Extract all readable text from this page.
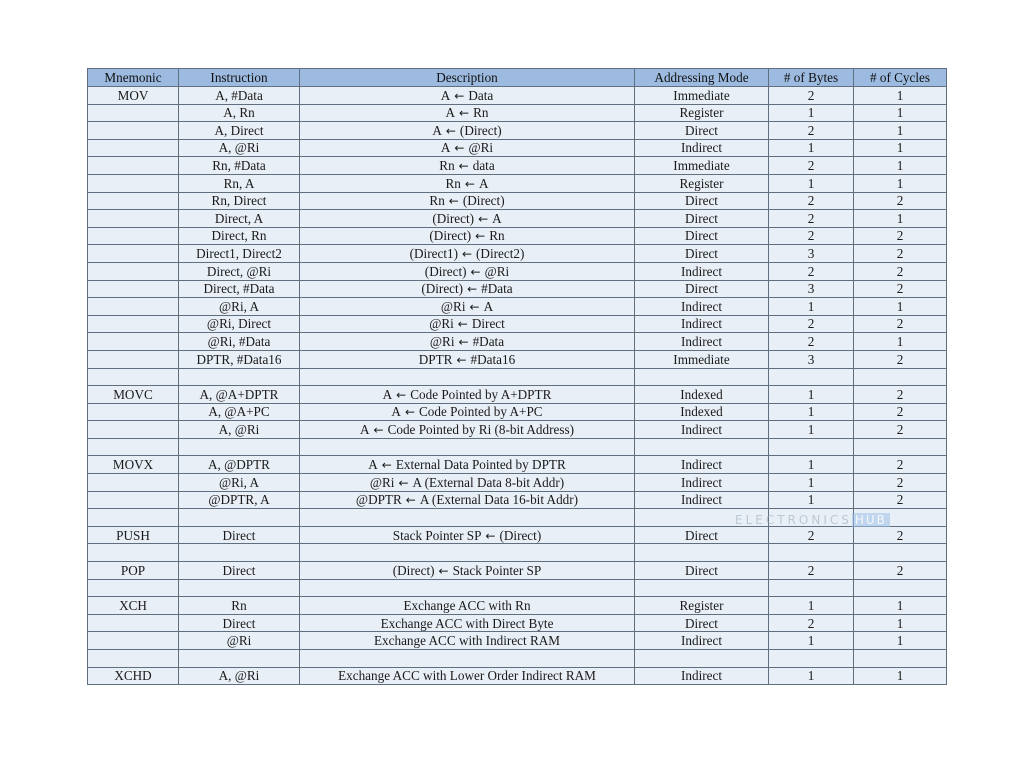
Mnemonic	Instruction	Description	Addressing Mode	# of Bytes	# of Cycles
MOV	A, #Data	A ← Data	Immediate	2	1
	A, Rn	A ← Rn	Register	1	1
	A, Direct	A ← (Direct)	Direct	2	1
	A, @Ri	A ← @Ri	Indirect	1	1
	Rn, #Data	Rn ← data	Immediate	2	1
	Rn, A	Rn ← A	Register	1	1
	Rn, Direct	Rn ← (Direct)	Direct	2	2
	Direct, A	(Direct) ← A	Direct	2	1
	Direct, Rn	(Direct) ← Rn	Direct	2	2
	Direct1, Direct2	(Direct1) ← (Direct2)	Direct	3	2
	Direct, @Ri	(Direct) ← @Ri	Indirect	2	2
	Direct, #Data	(Direct) ← #Data	Direct	3	2
	@Ri, A	@Ri ← A	Indirect	1	1
	@Ri, Direct	@Ri ← Direct	Indirect	2	2
	@Ri, #Data	@Ri ← #Data	Indirect	2	1
	DPTR, #Data16	DPTR ← #Data16	Immediate	3	2

MOVC	A, @A+DPTR	A ← Code Pointed by A+DPTR	Indexed	1	2
	A, @A+PC	A ← Code Pointed by A+PC	Indexed	1	2
	A, @Ri	A ← Code Pointed by Ri (8-bit Address)	Indirect	1	2

MOVX	A, @DPTR	A ← External Data Pointed by DPTR	Indirect	1	2
	@Ri, A	@Ri ← A (External Data 8-bit Addr)	Indirect	1	2
	@DPTR, A	@DPTR ← A (External Data 16-bit Addr)	Indirect	1	2

PUSH	Direct	Stack Pointer SP ← (Direct)	Direct	2	2

POP	Direct	(Direct) ← Stack Pointer SP	Direct	2	2

XCH	Rn	Exchange ACC with Rn	Register	1	1
	Direct	Exchange ACC with Direct Byte	Direct	2	1
	@Ri	Exchange ACC with Indirect RAM	Indirect	1	1

XCHD	A, @Ri	Exchange ACC with Lower Order Indirect RAM	Indirect	1	1
ELECTRONICS HUB
